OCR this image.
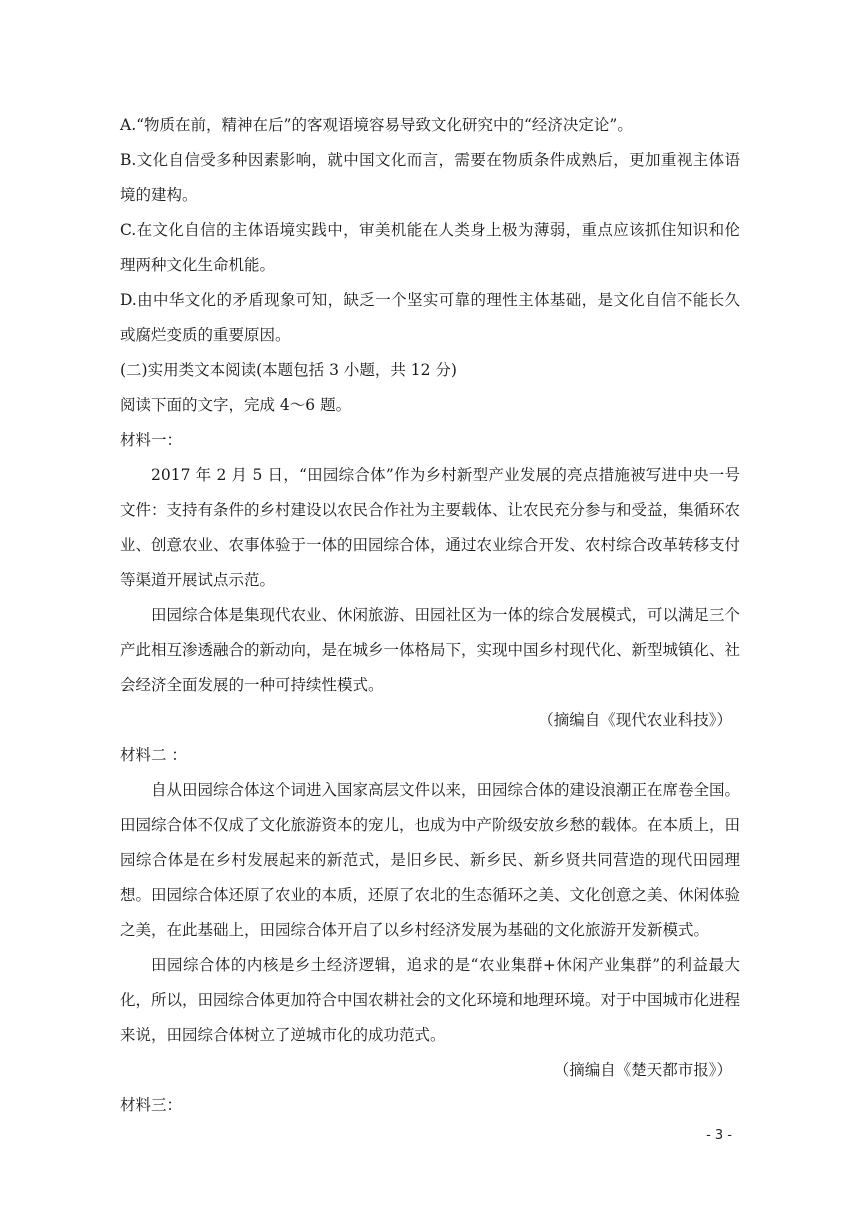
A.“物质在前，精神在后”的客观语境容易导致文化研究中的“经济决定论”。

B.文化自信受多种因素影响，就中国文化而言，需要在物质条件成熟后，更加重视主体语境的建构。

C.在文化自信的主体语境实践中，审美机能在人类身上极为薄弱，重点应该抓住知识和伦理两种文化生命机能。

D.由中华文化的矛盾现象可知，缺乏一个坚实可靠的理性主体基础，是文化自信不能长久或腐烂变质的重要原因。

(二)实用类文本阅读(本题包括 3 小题，共 12 分)

阅读下面的文字，完成 4～6 题。

材料一：

2017 年 2 月 5 日，“田园综合体”作为乡村新型产业发展的亮点措施被写进中央一号文件：支持有条件的乡村建设以农民合作社为主要载体、让农民充分参与和受益，集循环农业、创意农业、农事体验于一体的田园综合体，通过农业综合开发、农村综合改革转移支付等渠道开展试点示范。

田园综合体是集现代农业、休闲旅游、田园社区为一体的综合发展模式，可以满足三个产此相互渗透融合的新动向，是在城乡一体格局下，实现中国乡村现代化、新型城镇化、社会经济全面发展的一种可持续性模式。

（摘编自《现代农业科技》）

材料二 ：

自从田园综合体这个词进入国家高层文件以来，田园综合体的建设浪潮正在席卷全国。田园综合体不仅成了文化旅游资本的宠儿，也成为中产阶级安放乡愁的载体。在本质上，田园综合体是在乡村发展起来的新范式，是旧乡民、新乡民、新乡贤共同营造的现代田园理想。田园综合体还原了农业的本质，还原了农北的生态循环之美、文化创意之美、休闲体验之美，在此基础上，田园综合体开启了以乡村经济发展为基础的文化旅游开发新模式。

田园综合体的内核是乡土经济逻辑，追求的是“农业集群+休闲产业集群”的利益最大化，所以，田园综合体更加符合中国农耕社会的文化环境和地理环境。对于中国城市化进程来说，田园综合体树立了逆城市化的成功范式。

（摘编自《楚天都市报》）

材料三：

- 3 -
